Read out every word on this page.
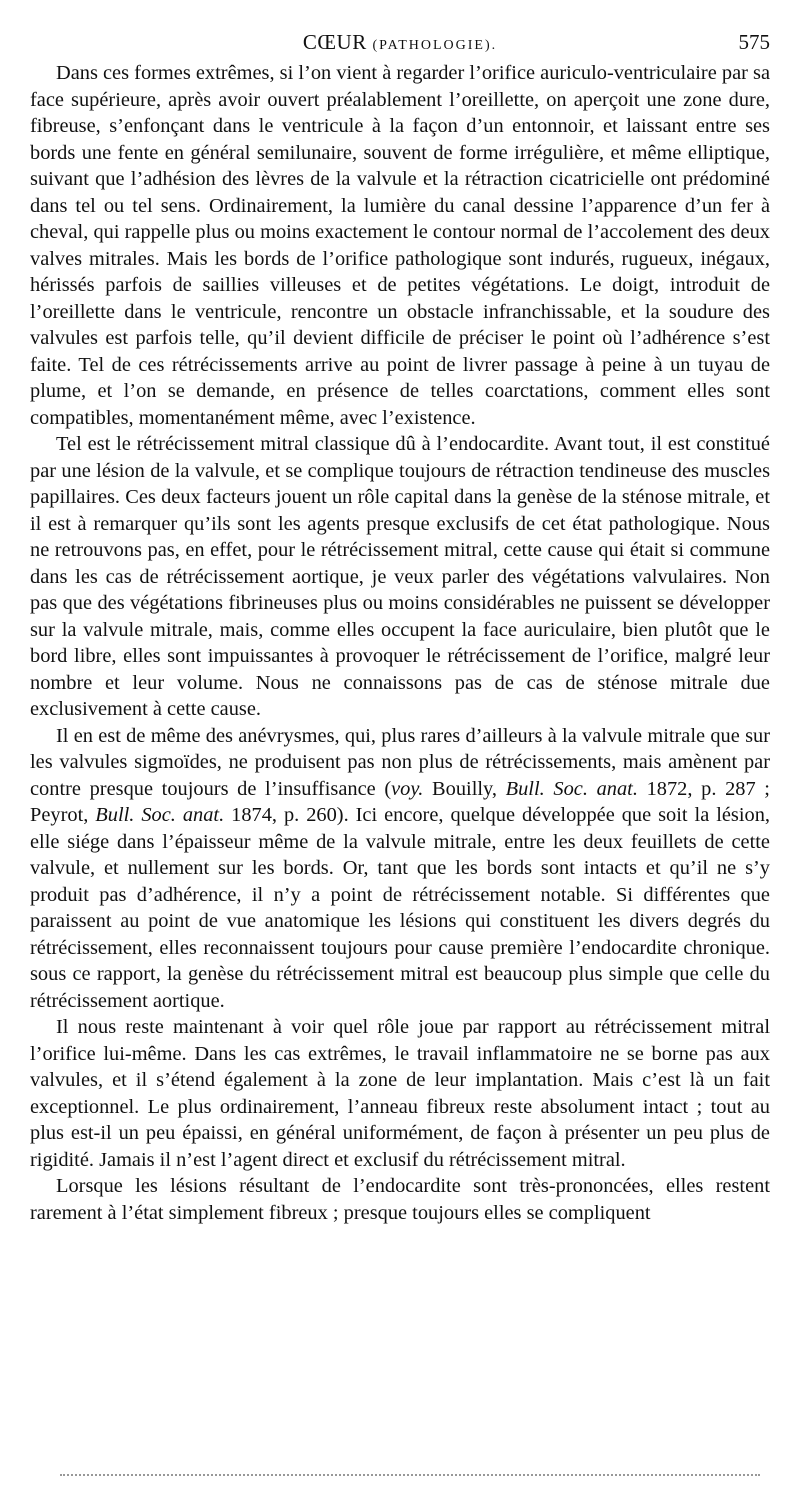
CŒUR (PATHOLOGIE).	575

Dans ces formes extrêmes, si l’on vient à regarder l’orifice auriculo-ventriculaire par sa face supérieure, après avoir ouvert préalablement l’oreillette, on aperçoit une zone dure, fibreuse, s’enfonçant dans le ventricule à la façon d’un entonnoir, et laissant entre ses bords une fente en général semilunaire, souvent de forme irrégulière, et même elliptique, suivant que l’adhésion des lèvres de la valvule et la rétraction cicatricielle ont prédominé dans tel ou tel sens. Ordinairement, la lumière du canal dessine l’apparence d’un fer à cheval, qui rappelle plus ou moins exactement le contour normal de l’accolement des deux valves mitrales. Mais les bords de l’orifice pathologique sont indurés, rugueux, inégaux, hérissés parfois de saillies villeuses et de petites végétations. Le doigt, introduit de l’oreillette dans le ventricule, rencontre un obstacle infranchissable, et la soudure des valvules est parfois telle, qu’il devient difficile de préciser le point où l’adhérence s’est faite. Tel de ces rétrécissements arrive au point de livrer passage à peine à un tuyau de plume, et l’on se demande, en présence de telles coarctations, comment elles sont compatibles, momentanément même, avec l’existence.

Tel est le rétrécissement mitral classique dû à l’endocardite. Avant tout, il est constitué par une lésion de la valvule, et se complique toujours de rétraction tendineuse des muscles papillaires. Ces deux facteurs jouent un rôle capital dans la genèse de la sténose mitrale, et il est à remarquer qu’ils sont les agents presque exclusifs de cet état pathologique. Nous ne retrouvons pas, en effet, pour le rétrécissement mitral, cette cause qui était si commune dans les cas de rétrécissement aortique, je veux parler des végétations valvulaires. Non pas que des végétations fibrineuses plus ou moins considérables ne puissent se développer sur la valvule mitrale, mais, comme elles occupent la face auriculaire, bien plutôt que le bord libre, elles sont impuissantes à provoquer le rétrécissement de l’orifice, malgré leur nombre et leur volume. Nous ne connaissons pas de cas de sténose mitrale due exclusivement à cette cause.

Il en est de même des anévrysmes, qui, plus rares d’ailleurs à la valvule mitrale que sur les valvules sigmoïdes, ne produisent pas non plus de rétrécissements, mais amènent par contre presque toujours de l’insuffisance (voy. Bouilly, Bull. Soc. anat. 1872, p. 287 ; Peyrot, Bull. Soc. anat. 1874, p. 260). Ici encore, quelque développée que soit la lésion, elle siége dans l’épaisseur même de la valvule mitrale, entre les deux feuillets de cette valvule, et nullement sur les bords. Or, tant que les bords sont intacts et qu’il ne s’y produit pas d’adhérence, il n’y a point de rétrécissement notable. Si différentes que paraissent au point de vue anatomique les lésions qui constituent les divers degrés du rétrécissement, elles reconnaissent toujours pour cause première l’endocardite chronique. sous ce rapport, la genèse du rétrécissement mitral est beaucoup plus simple que celle du rétrécissement aortique.

Il nous reste maintenant à voir quel rôle joue par rapport au rétrécissement mitral l’orifice lui-même. Dans les cas extrêmes, le travail inflammatoire ne se borne pas aux valvules, et il s’étend également à la zone de leur implantation. Mais c’est là un fait exceptionnel. Le plus ordinairement, l’anneau fibreux reste absolument intact ; tout au plus est-il un peu épaissi, en général uniformément, de façon à présenter un peu plus de rigidité. Jamais il n’est l’agent direct et exclusif du rétrécissement mitral.

Lorsque les lésions résultant de l’endocardite sont très-prononcées, elles restent rarement à l’état simplement fibreux ; presque toujours elles se compliquent
